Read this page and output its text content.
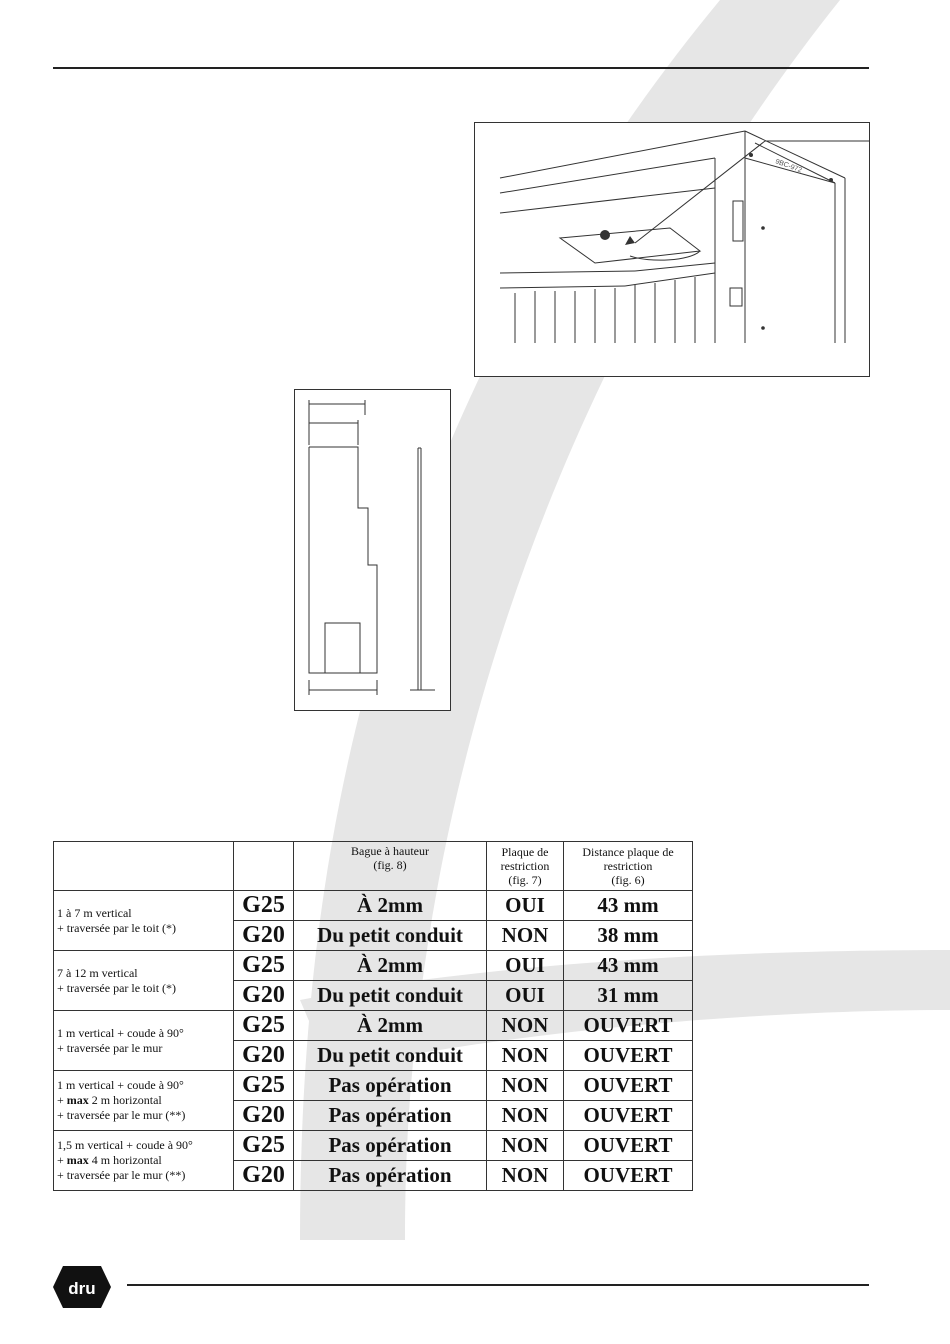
9BC-972
		Bague à hauteur
(fig. 8)	Plaque de
restriction
(fig. 7)	Distance plaque de
restriction
(fig. 6)

1 à 7 m vertical
+ traversée par le toit (*)	G25	À 2mm	OUI	43 mm
	G20	Du petit conduit	NON	38 mm

7 à 12 m vertical
+ traversée par le toit (*)	G25	À 2mm	OUI	43 mm
	G20	Du petit conduit	OUI	31 mm

1 m vertical + coude à 90°
+ traversée par le mur	G25	À 2mm	NON	OUVERT
	G20	Du petit conduit	NON	OUVERT

1 m vertical + coude à 90°
+ max 2 m horizontal
+ traversée par le mur (**)	G25	Pas opération	NON	OUVERT
	G20	Pas opération	NON	OUVERT

1,5 m vertical + coude à 90°
+ max 4 m horizontal
+ traversée par le mur (**)	G25	Pas opération	NON	OUVERT
	G20	Pas opération	NON	OUVERT
dru
